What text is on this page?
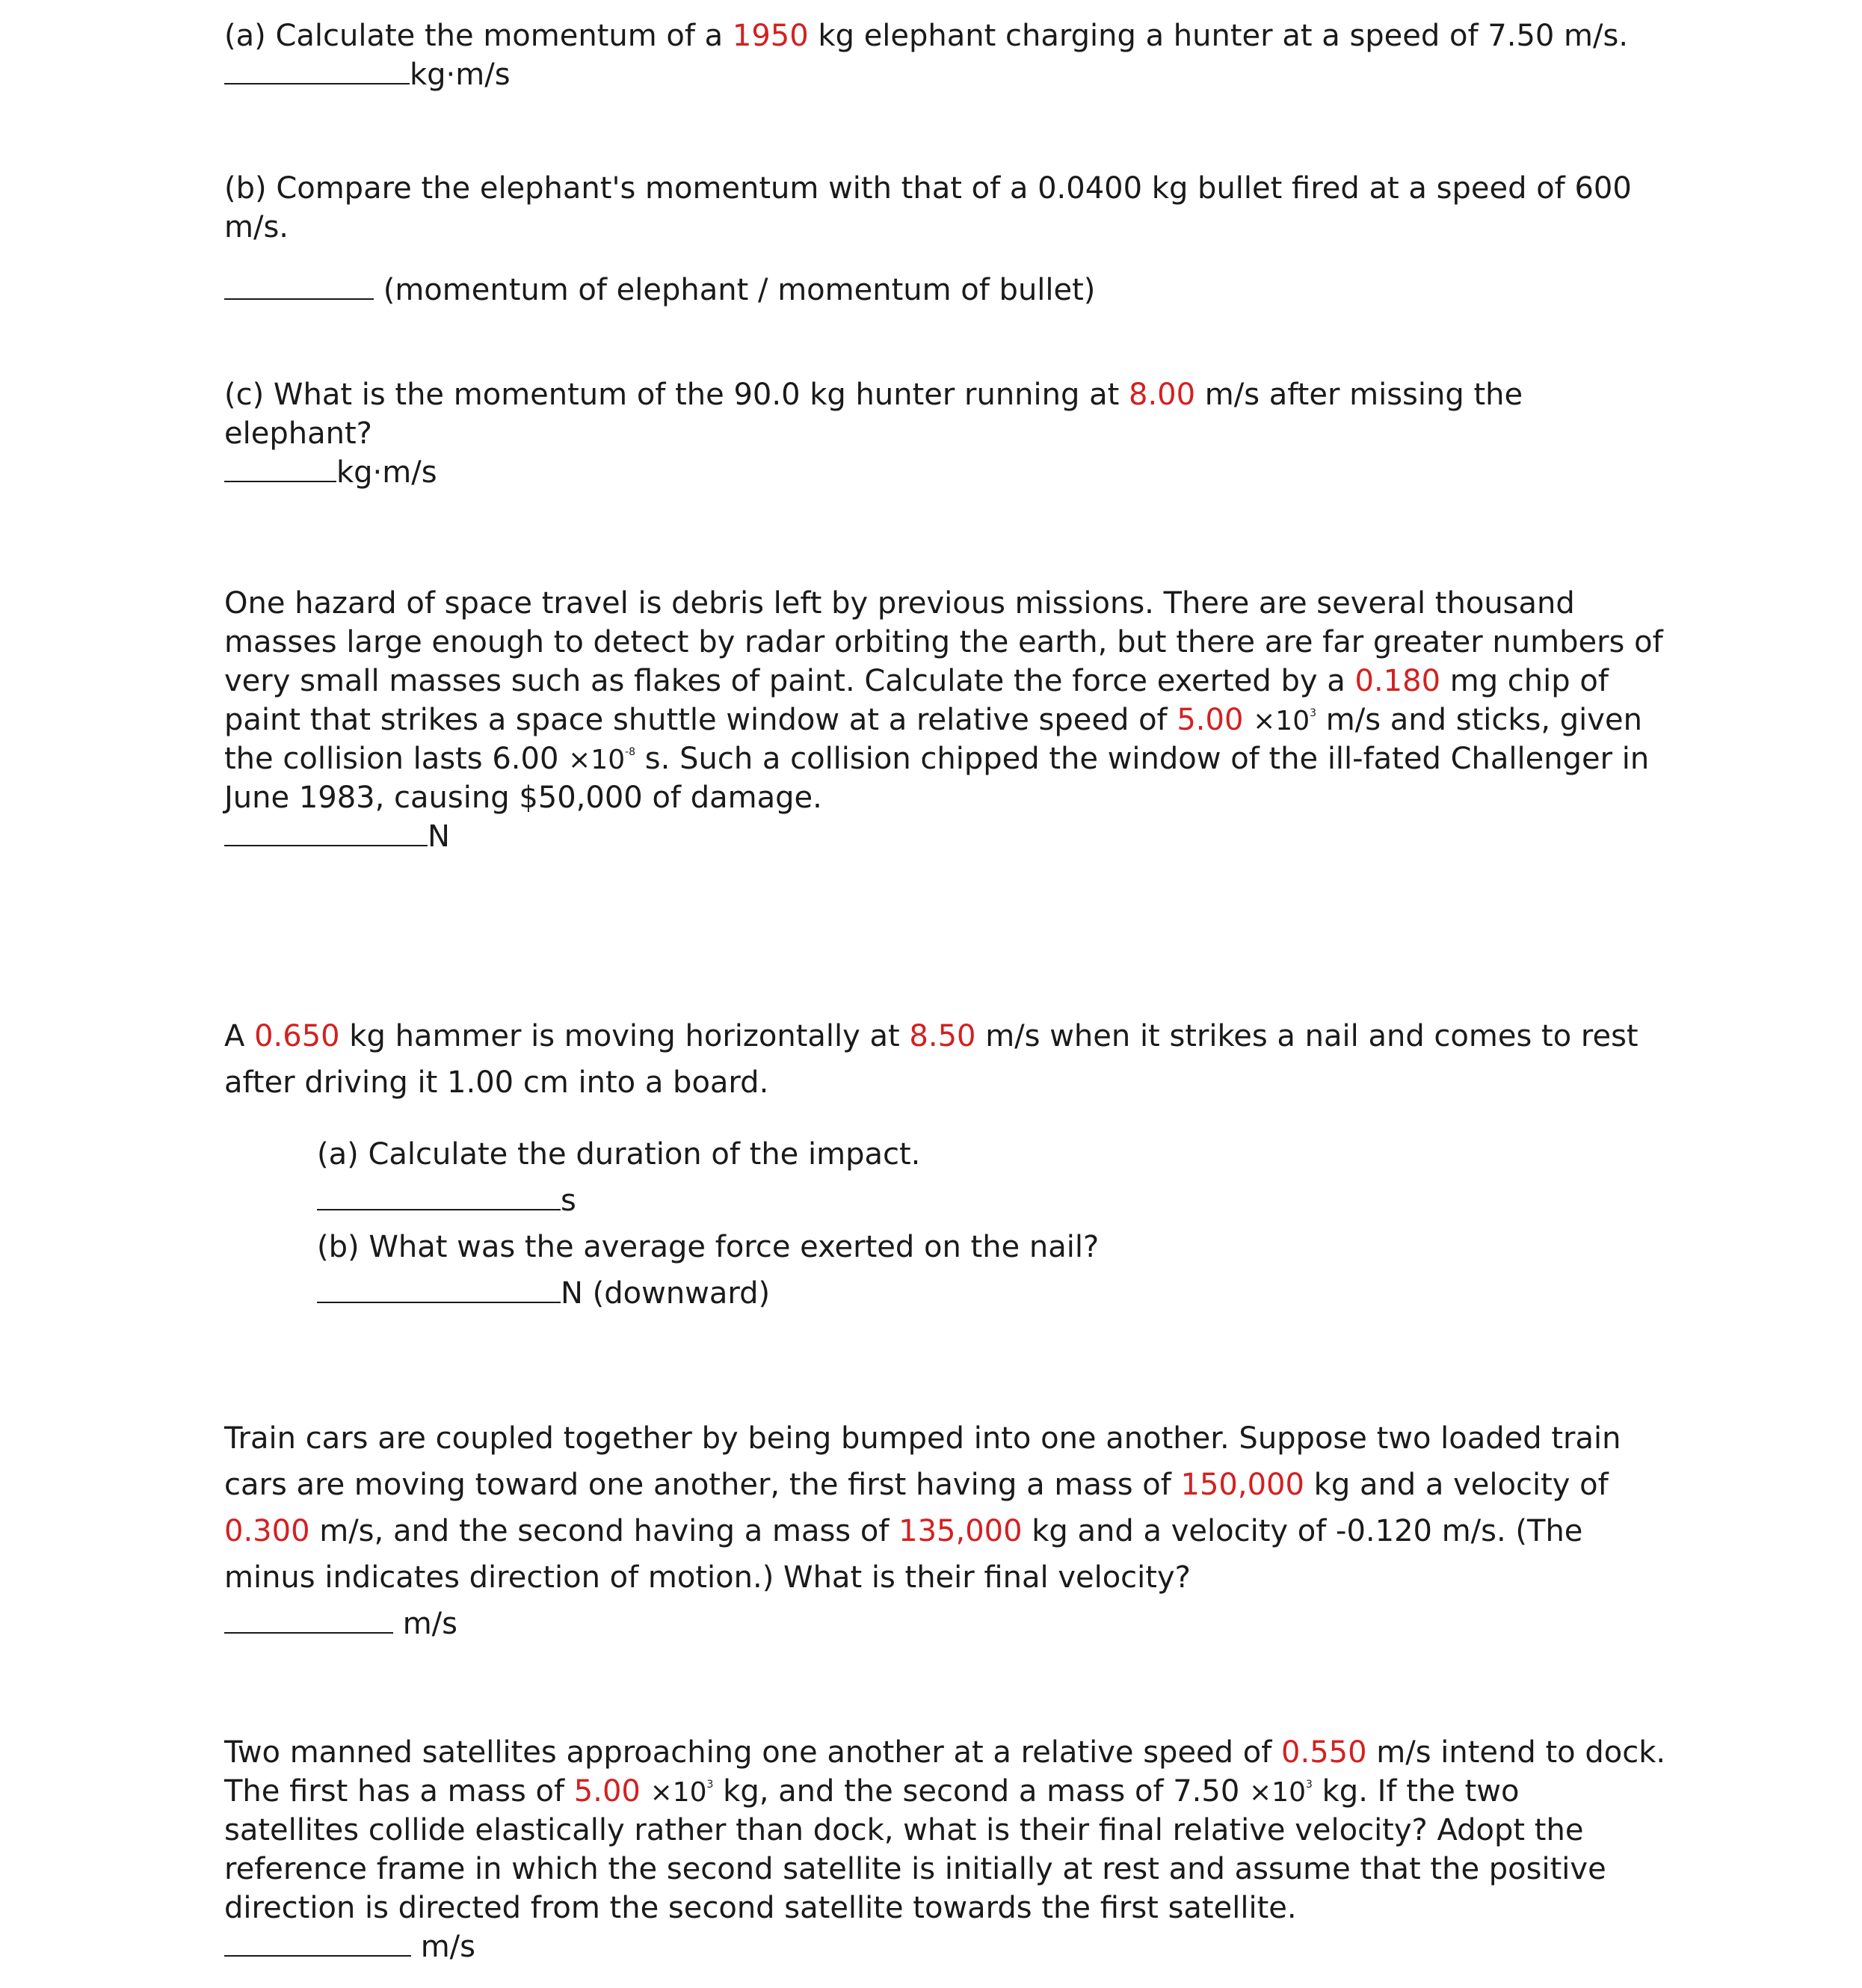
(a) Calculate the momentum of a 1950 kg elephant charging a hunter at a speed of 7.50 m/s.
kg·m/s
(b) Compare the elephant's momentum with that of a 0.0400 kg bullet fired at a speed of 600
m/s.
(momentum of elephant / momentum of bullet)
(c) What is the momentum of the 90.0 kg hunter running at 8.00 m/s after missing the
elephant?
kg·m/s
One hazard of space travel is debris left by previous missions. There are several thousand
masses large enough to detect by radar orbiting the earth, but there are far greater numbers of
very small masses such as flakes of paint. Calculate the force exerted by a 0.180 mg chip of
paint that strikes a space shuttle window at a relative speed of $5.00 \times 10^3$ m/s and sticks, given
the collision lasts $6.00 \times 10^{-8}$ s. Such a collision chipped the window of the ill-fated Challenger in
June 1983, causing $50,000 of damage.
N
A 0.650 kg hammer is moving horizontally at 8.50 m/s when it strikes a nail and comes to rest
after driving it 1.00 cm into a board.
(a) Calculate the duration of the impact.
s
(b) What was the average force exerted on the nail?
N (downward)
Train cars are coupled together by being bumped into one another. Suppose two loaded train
cars are moving toward one another, the first having a mass of 150,000 kg and a velocity of
0.300 m/s, and the second having a mass of 135,000 kg and a velocity of -0.120 m/s. (The
minus indicates direction of motion.) What is their final velocity?
m/s
Two manned satellites approaching one another at a relative speed of 0.550 m/s intend to dock.
The first has a mass of $5.00 \times 10^3$ kg, and the second a mass of $7.50 \times 10^3$ kg. If the two
satellites collide elastically rather than dock, what is their final relative velocity? Adopt the
reference frame in which the second satellite is initially at rest and assume that the positive
direction is directed from the second satellite towards the first satellite.
m/s
